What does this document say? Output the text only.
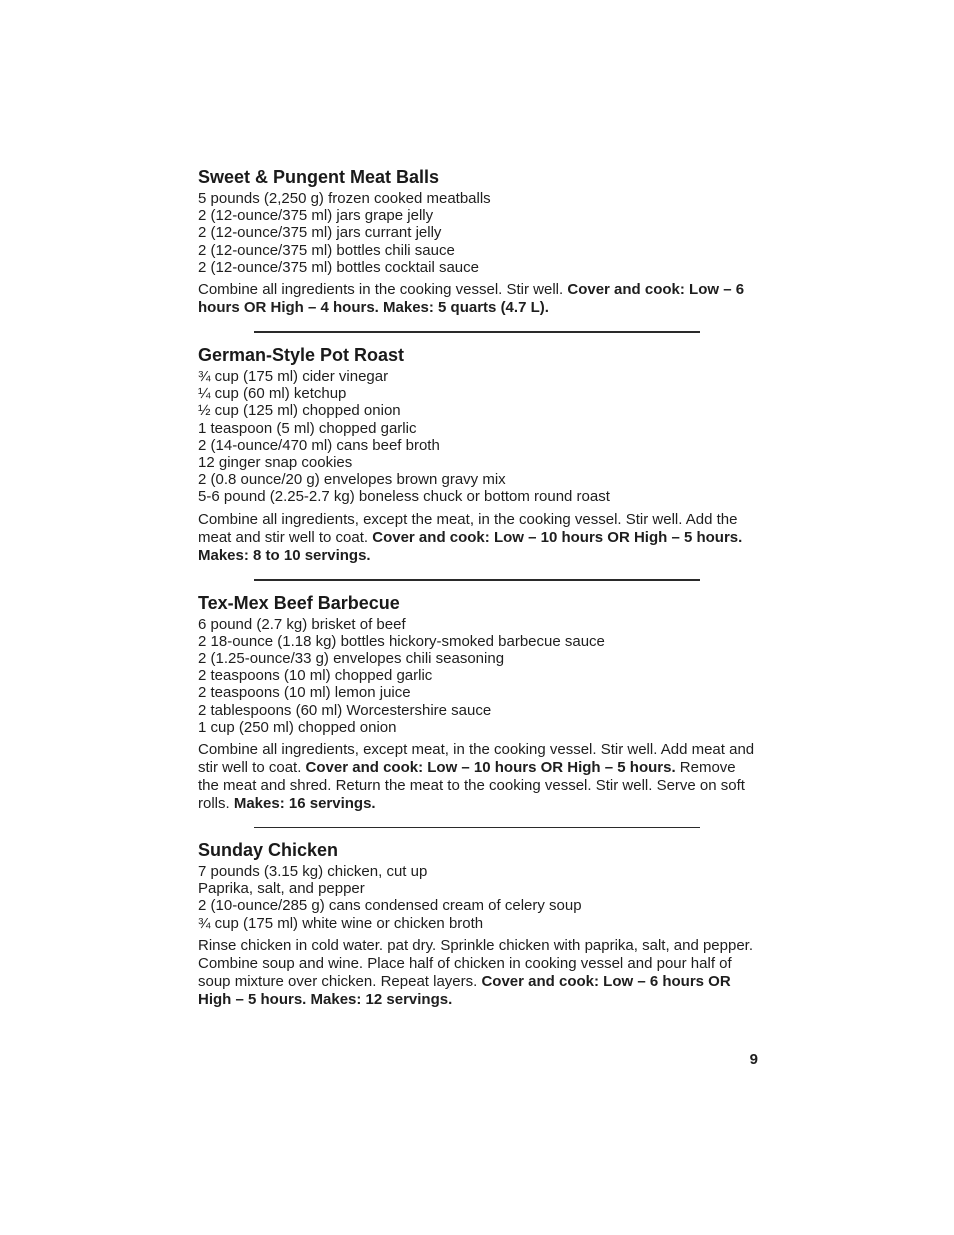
Sweet & Pungent Meat Balls
5 pounds (2,250 g) frozen cooked meatballs
2 (12-ounce/375 ml) jars grape jelly
2 (12-ounce/375 ml) jars currant jelly
2 (12-ounce/375 ml) bottles chili sauce
2 (12-ounce/375 ml) bottles cocktail sauce

Combine all ingredients in the cooking vessel. Stir well. Cover and cook: Low – 6 hours OR High – 4 hours. Makes: 5 quarts (4.7 L).

German-Style Pot Roast
¾ cup (175 ml) cider vinegar
¼ cup (60 ml) ketchup
½ cup (125 ml) chopped onion
1 teaspoon (5 ml) chopped garlic
2 (14-ounce/470 ml) cans beef broth
12 ginger snap cookies
2 (0.8 ounce/20 g) envelopes brown gravy mix
5-6 pound (2.25-2.7 kg) boneless chuck or bottom round roast

Combine all ingredients, except the meat, in the cooking vessel. Stir well. Add the meat and stir well to coat. Cover and cook: Low – 10 hours OR High – 5 hours. Makes: 8 to 10 servings.

Tex-Mex Beef Barbecue
6 pound (2.7 kg) brisket of beef
2 18-ounce (1.18 kg) bottles hickory-smoked barbecue sauce
2 (1.25-ounce/33 g) envelopes chili seasoning
2 teaspoons (10 ml) chopped garlic
2 teaspoons (10 ml) lemon juice
2 tablespoons (60 ml) Worcestershire sauce
1 cup (250 ml) chopped onion

Combine all ingredients, except meat, in the cooking vessel. Stir well. Add meat and stir well to coat. Cover and cook: Low – 10 hours OR High – 5 hours. Remove the meat and shred. Return the meat to the cooking vessel. Stir well. Serve on soft rolls. Makes: 16 servings.

Sunday Chicken
7 pounds (3.15 kg) chicken, cut up
Paprika, salt, and pepper
2 (10-ounce/285 g) cans condensed cream of celery soup
¾ cup (175 ml) white wine or chicken broth

Rinse chicken in cold water. pat dry. Sprinkle chicken with paprika, salt, and pepper. Combine soup and wine. Place half of chicken in cooking vessel and pour half of soup mixture over chicken. Repeat layers. Cover and cook: Low – 6 hours OR High – 5 hours. Makes: 12 servings.

9
